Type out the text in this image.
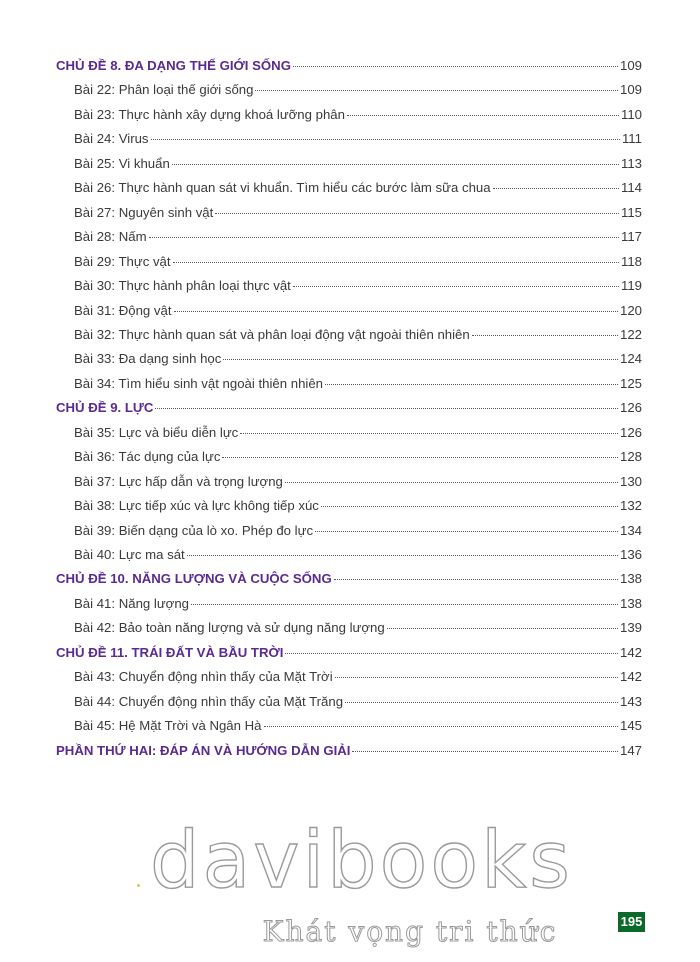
CHỦ ĐỀ 8. ĐA DẠNG THẾ GIỚI SỐNG	109
Bài 22: Phân loại thế giới sống	109
Bài 23: Thực hành xây dựng khoá lưỡng phân	110
Bài 24: Virus	111
Bài 25: Vi khuẩn	113
Bài 26: Thực hành quan sát vi khuẩn. Tìm hiểu các bước làm sữa chua	114
Bài 27: Nguyên sinh vật	115
Bài 28: Nấm	117
Bài 29: Thực vật	118
Bài 30: Thực hành phân loại thực vật	119
Bài 31: Động vật	120
Bài 32: Thực hành quan sát và phân loại động vật ngoài thiên nhiên	122
Bài 33: Đa dạng sinh học	124
Bài 34: Tìm hiểu sinh vật ngoài thiên nhiên	125
CHỦ ĐỀ 9. LỰC	126
Bài 35: Lực và biểu diễn lực	126
Bài 36: Tác dụng của lực	128
Bài 37: Lực hấp dẫn và trọng lượng	130
Bài 38: Lực tiếp xúc và lực không tiếp xúc	132
Bài 39: Biến dạng của lò xo. Phép đo lực	134
Bài 40: Lực ma sát	136
CHỦ ĐỀ 10. NĂNG LƯỢNG VÀ CUỘC SỐNG	138
Bài 41: Năng lượng	138
Bài 42: Bảo toàn năng lượng và sử dụng năng lượng	139
CHỦ ĐỀ 11. TRÁI ĐẤT VÀ BẦU TRỜI	142
Bài 43: Chuyển động nhìn thấy của Mặt Trời	142
Bài 44: Chuyển động nhìn thấy của Mặt Trăng	143
Bài 45: Hệ Mặt Trời và Ngân Hà	145
PHẦN THỨ HAI: ĐÁP ÁN VÀ HƯỚNG DẪN GIẢI	147
davibooks
Khát vọng tri thức	195
